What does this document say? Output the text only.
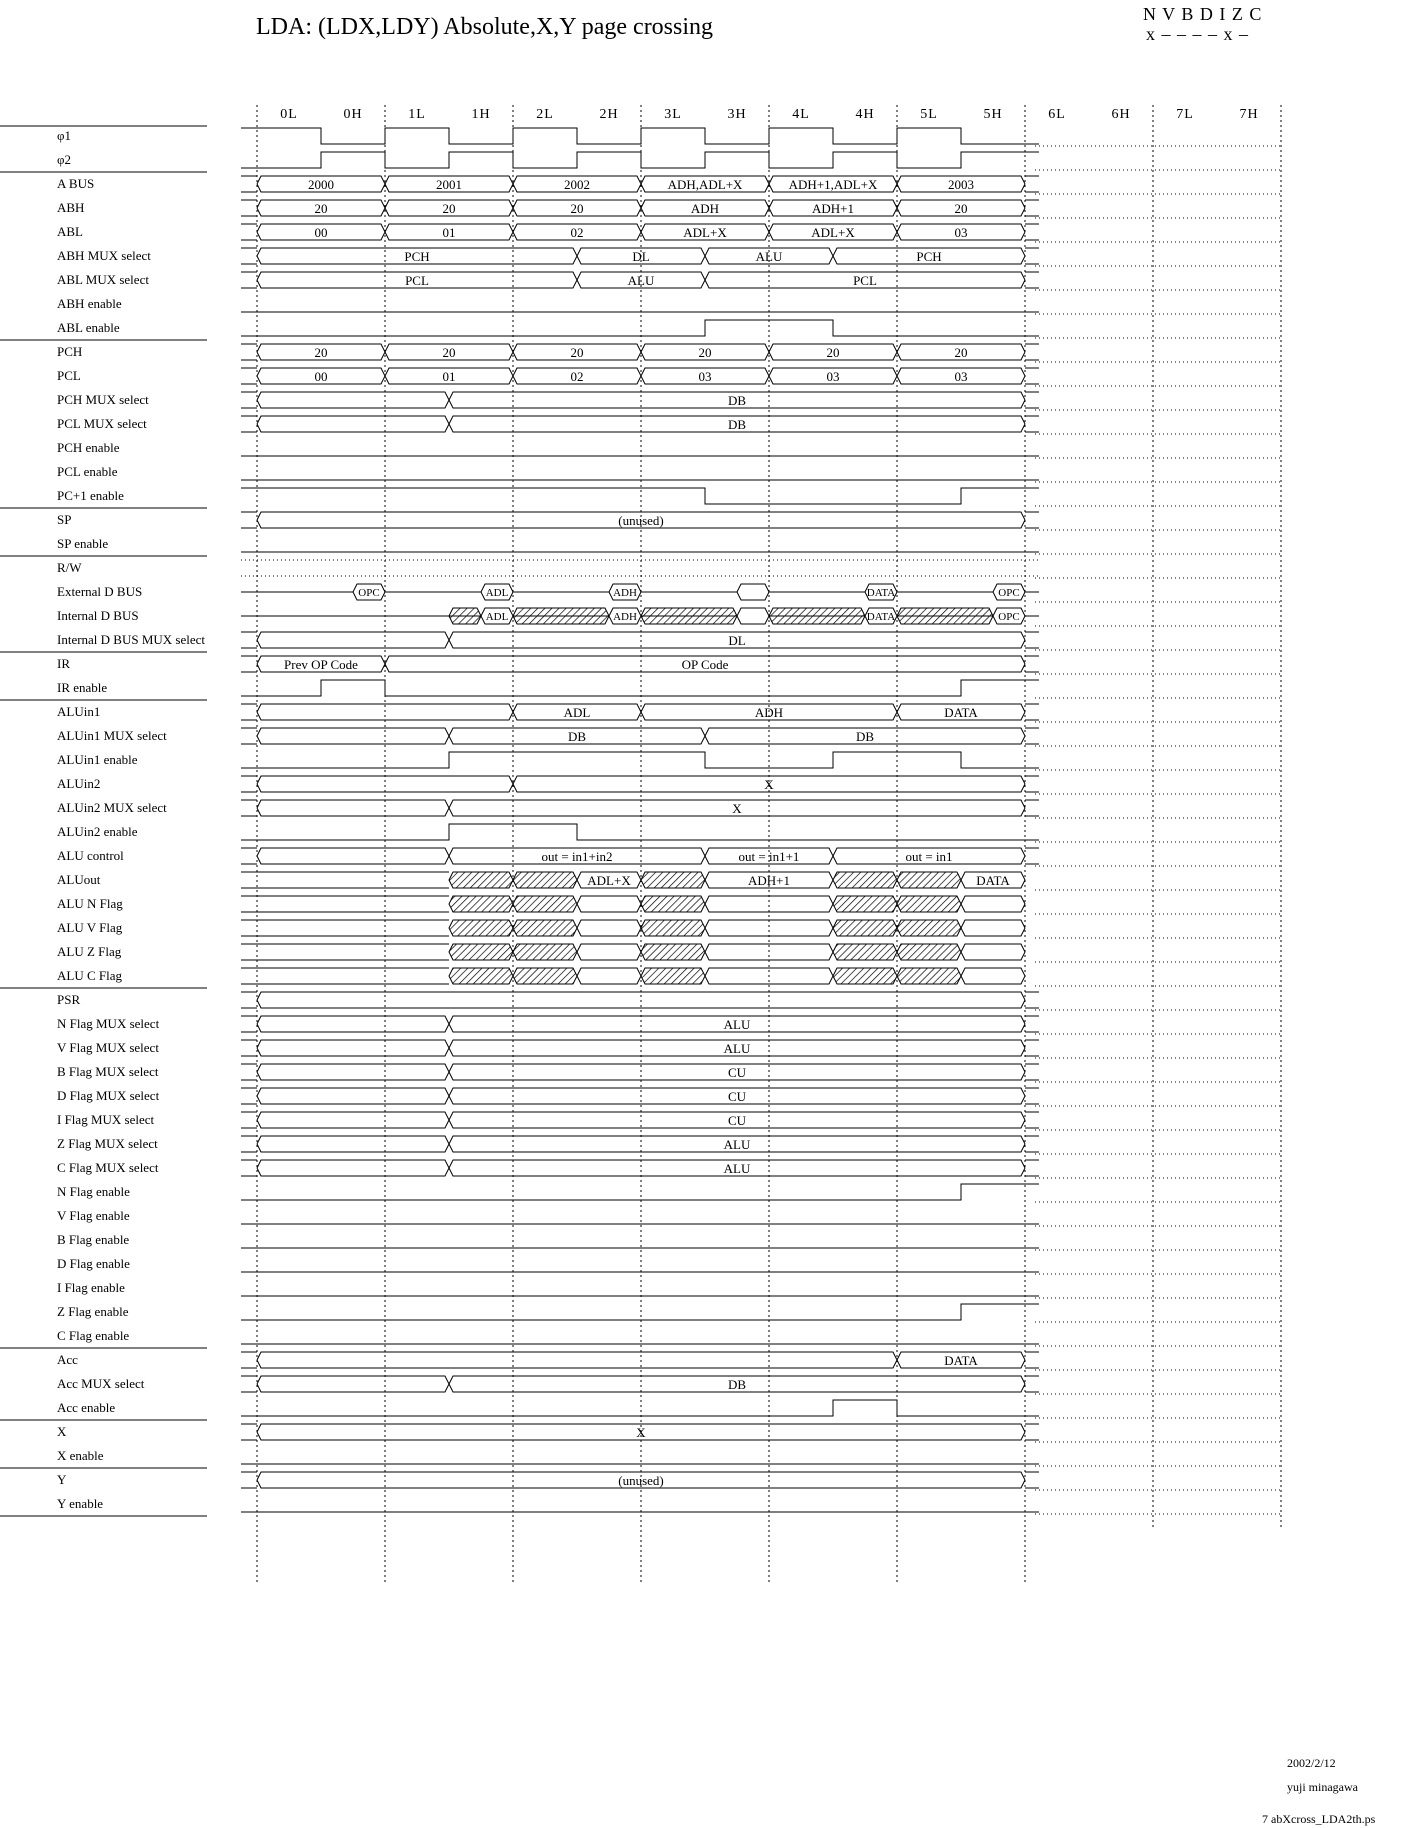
LDA: (LDX,LDY) Absolute,X,Y page crossing	N V B D I Z C
x – – – – x –
0L	0H	1L	1H	2L	2H	3L	3H	4L	4H	5L	5H	6L	6H	7L	7H
φ1
φ2
A BUS	2000	2001	2002	ADH,ADL+X	ADH+1,ADL+X	2003
ABH	20	20	20	ADH	ADH+1	20
ABL	00	01	02	ADL+X	ADL+X	03
ABH MUX select	PCH	DL	ALU	PCH
ABL MUX select	PCL	ALU	PCL
ABH enable
ABL enable
PCH	20	20	20	20	20	20
PCL	00	01	02	03	03	03
PCH MUX select	DB
PCL MUX select	DB
PCH enable
PCL enable
PC+1 enable
SP	(unused)
SP enable
R/W
External D BUS	OPC	ADL	ADH	DATA	OPC
Internal D BUS	ADL	ADH	DATA	OPC
Internal D BUS MUX select	DL
IR	Prev OP Code	OP Code
IR enable
ALUin1	ADL	ADH	DATA
ALUin1 MUX select	DB	DB
ALUin1 enable
ALUin2	X
ALUin2 MUX select	X
ALUin2 enable
ALU control	out = in1+in2	out = in1+1	out = in1
ALUout	ADL+X	ADH+1	DATA
ALU N Flag
ALU V Flag
ALU Z Flag
ALU C Flag
PSR
N Flag MUX select	ALU
V Flag MUX select	ALU
B Flag MUX select	CU
D Flag MUX select	CU
I Flag MUX select	CU
Z Flag MUX select	ALU
C Flag MUX select	ALU
N Flag enable
V Flag enable
B Flag enable
D Flag enable
I Flag enable
Z Flag enable
C Flag enable
Acc	DATA
Acc MUX select	DB
Acc enable
X	X
X enable
Y	(unused)
Y enable
2002/2/12
yuji minagawa
7 abXcross_LDA2th.ps
